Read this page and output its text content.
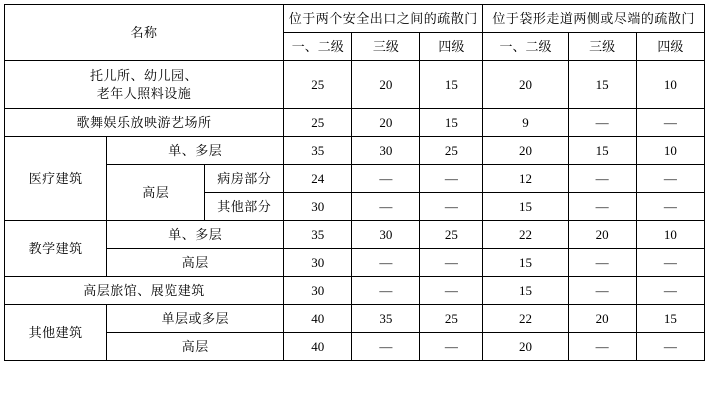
名称			位于两个安全出口之间的疏散门			位于袋形走道两侧或尽端的疏散门		
			一、二级	三级	四级	一、二级	三级	四级

托儿所、幼儿园、
老年人照料设施			25	20	15	20	15	10
歌舞娱乐放映游艺场所			25	20	15	9	—	—
医疗建筑	单、多层		35	30	25	20	15	10
	高层	病房部分	24	—	—	12	—	—
		其他部分	30	—	—	15	—	—
教学建筑	单、多层		35	30	25	22	20	10
	高层		30	—	—	15	—	—
高层旅馆、展览建筑			30	—	—	15	—	—
其他建筑	单层或多层		40	35	25	22	20	15
	高层		40	—	—	20	—	—
